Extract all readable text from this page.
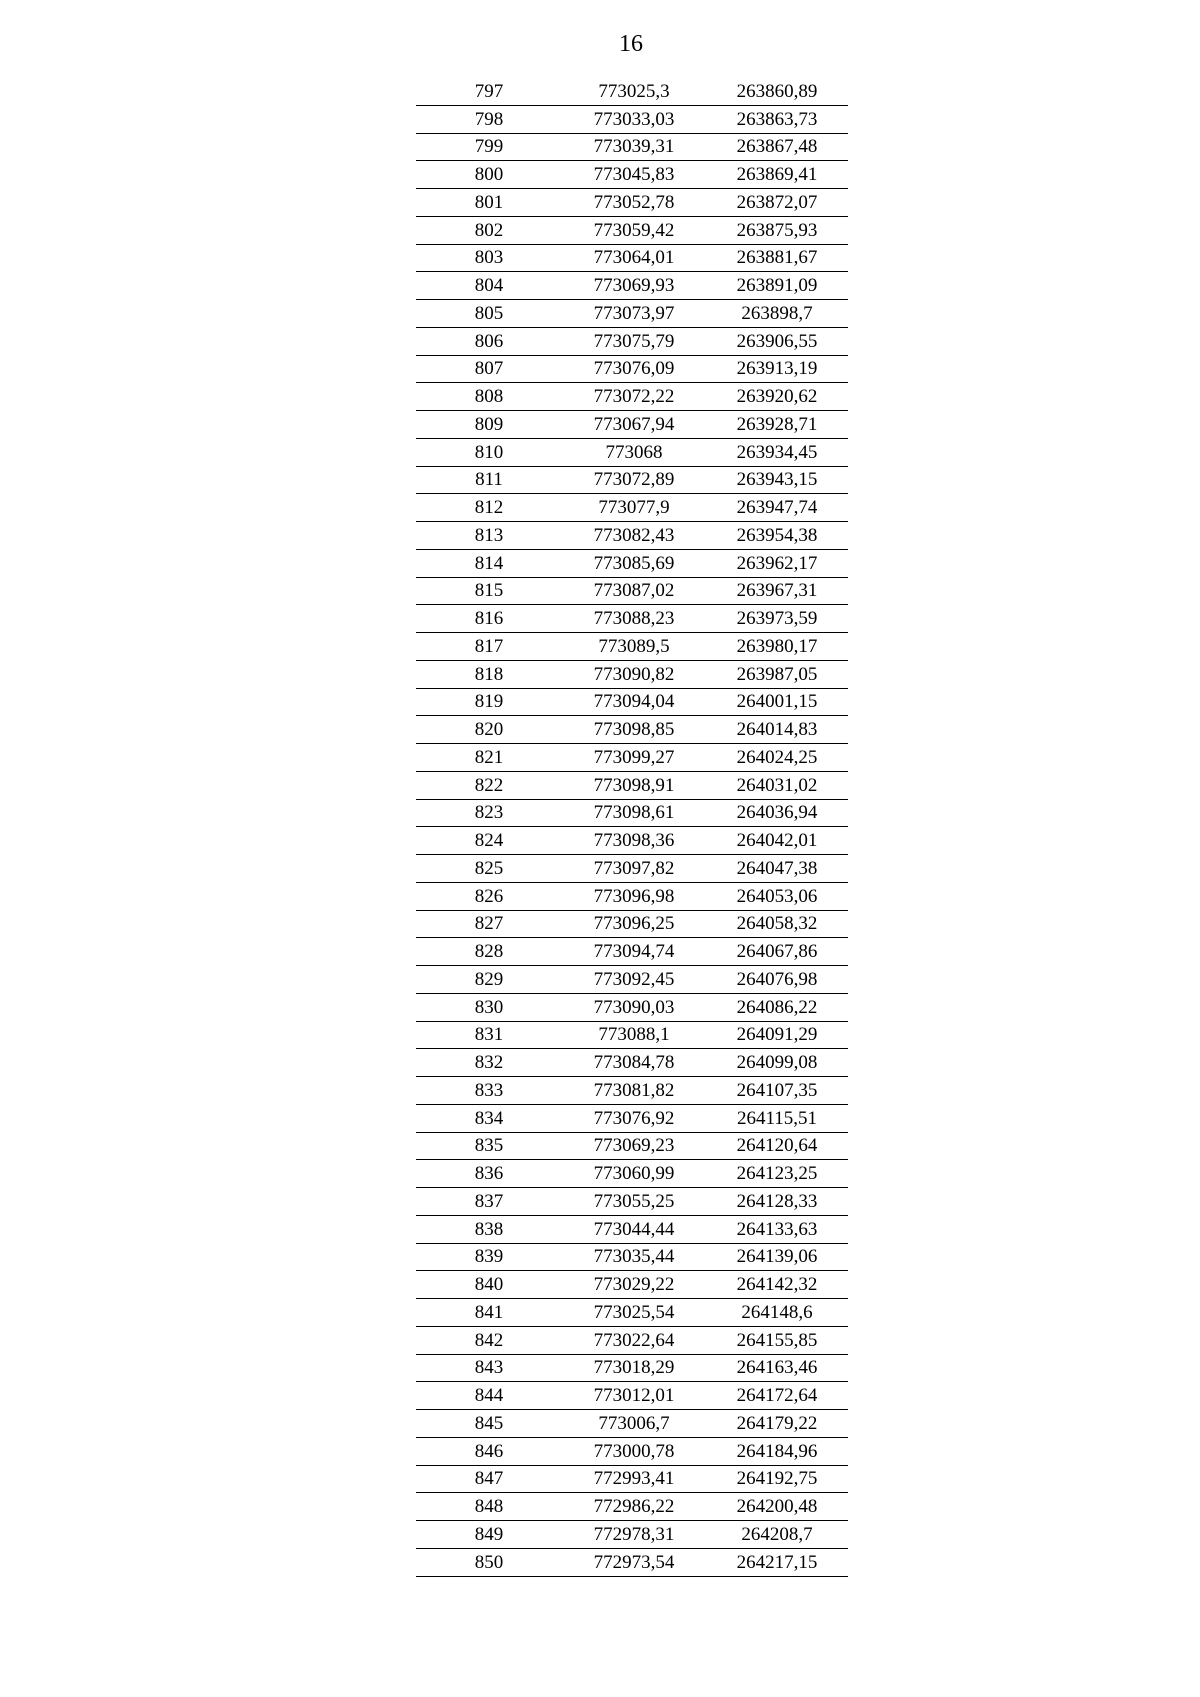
16
797	773025,3	263860,89
798	773033,03	263863,73
799	773039,31	263867,48
800	773045,83	263869,41
801	773052,78	263872,07
802	773059,42	263875,93
803	773064,01	263881,67
804	773069,93	263891,09
805	773073,97	263898,7
806	773075,79	263906,55
807	773076,09	263913,19
808	773072,22	263920,62
809	773067,94	263928,71
810	773068	263934,45
811	773072,89	263943,15
812	773077,9	263947,74
813	773082,43	263954,38
814	773085,69	263962,17
815	773087,02	263967,31
816	773088,23	263973,59
817	773089,5	263980,17
818	773090,82	263987,05
819	773094,04	264001,15
820	773098,85	264014,83
821	773099,27	264024,25
822	773098,91	264031,02
823	773098,61	264036,94
824	773098,36	264042,01
825	773097,82	264047,38
826	773096,98	264053,06
827	773096,25	264058,32
828	773094,74	264067,86
829	773092,45	264076,98
830	773090,03	264086,22
831	773088,1	264091,29
832	773084,78	264099,08
833	773081,82	264107,35
834	773076,92	264115,51
835	773069,23	264120,64
836	773060,99	264123,25
837	773055,25	264128,33
838	773044,44	264133,63
839	773035,44	264139,06
840	773029,22	264142,32
841	773025,54	264148,6
842	773022,64	264155,85
843	773018,29	264163,46
844	773012,01	264172,64
845	773006,7	264179,22
846	773000,78	264184,96
847	772993,41	264192,75
848	772986,22	264200,48
849	772978,31	264208,7
850	772973,54	264217,15
